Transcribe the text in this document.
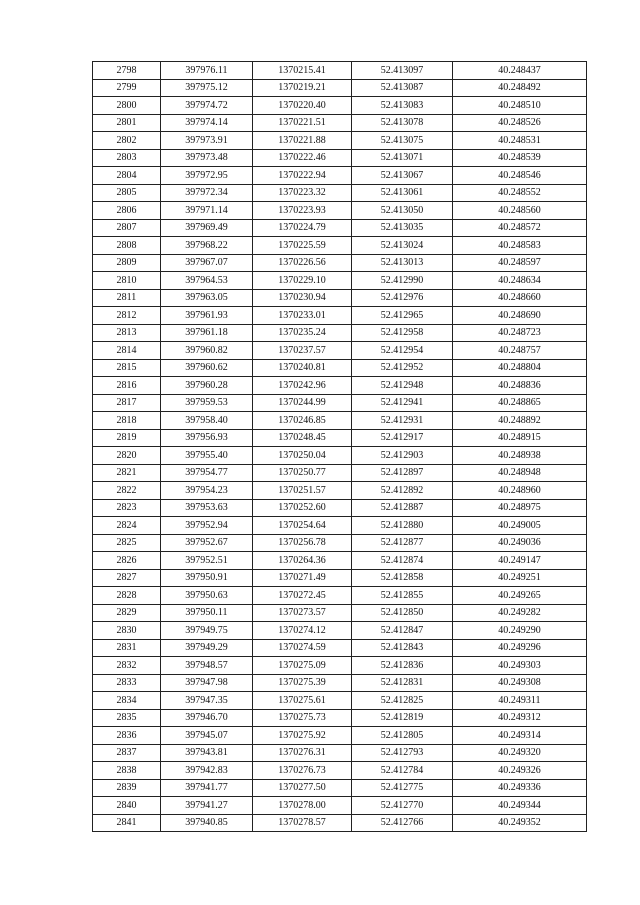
2798	397976.11	1370215.41	52.413097	40.248437
2799	397975.12	1370219.21	52.413087	40.248492
2800	397974.72	1370220.40	52.413083	40.248510
2801	397974.14	1370221.51	52.413078	40.248526
2802	397973.91	1370221.88	52.413075	40.248531
2803	397973.48	1370222.46	52.413071	40.248539
2804	397972.95	1370222.94	52.413067	40.248546
2805	397972.34	1370223.32	52.413061	40.248552
2806	397971.14	1370223.93	52.413050	40.248560
2807	397969.49	1370224.79	52.413035	40.248572
2808	397968.22	1370225.59	52.413024	40.248583
2809	397967.07	1370226.56	52.413013	40.248597
2810	397964.53	1370229.10	52.412990	40.248634
2811	397963.05	1370230.94	52.412976	40.248660
2812	397961.93	1370233.01	52.412965	40.248690
2813	397961.18	1370235.24	52.412958	40.248723
2814	397960.82	1370237.57	52.412954	40.248757
2815	397960.62	1370240.81	52.412952	40.248804
2816	397960.28	1370242.96	52.412948	40.248836
2817	397959.53	1370244.99	52.412941	40.248865
2818	397958.40	1370246.85	52.412931	40.248892
2819	397956.93	1370248.45	52.412917	40.248915
2820	397955.40	1370250.04	52.412903	40.248938
2821	397954.77	1370250.77	52.412897	40.248948
2822	397954.23	1370251.57	52.412892	40.248960
2823	397953.63	1370252.60	52.412887	40.248975
2824	397952.94	1370254.64	52.412880	40.249005
2825	397952.67	1370256.78	52.412877	40.249036
2826	397952.51	1370264.36	52.412874	40.249147
2827	397950.91	1370271.49	52.412858	40.249251
2828	397950.63	1370272.45	52.412855	40.249265
2829	397950.11	1370273.57	52.412850	40.249282
2830	397949.75	1370274.12	52.412847	40.249290
2831	397949.29	1370274.59	52.412843	40.249296
2832	397948.57	1370275.09	52.412836	40.249303
2833	397947.98	1370275.39	52.412831	40.249308
2834	397947.35	1370275.61	52.412825	40.249311
2835	397946.70	1370275.73	52.412819	40.249312
2836	397945.07	1370275.92	52.412805	40.249314
2837	397943.81	1370276.31	52.412793	40.249320
2838	397942.83	1370276.73	52.412784	40.249326
2839	397941.77	1370277.50	52.412775	40.249336
2840	397941.27	1370278.00	52.412770	40.249344
2841	397940.85	1370278.57	52.412766	40.249352
